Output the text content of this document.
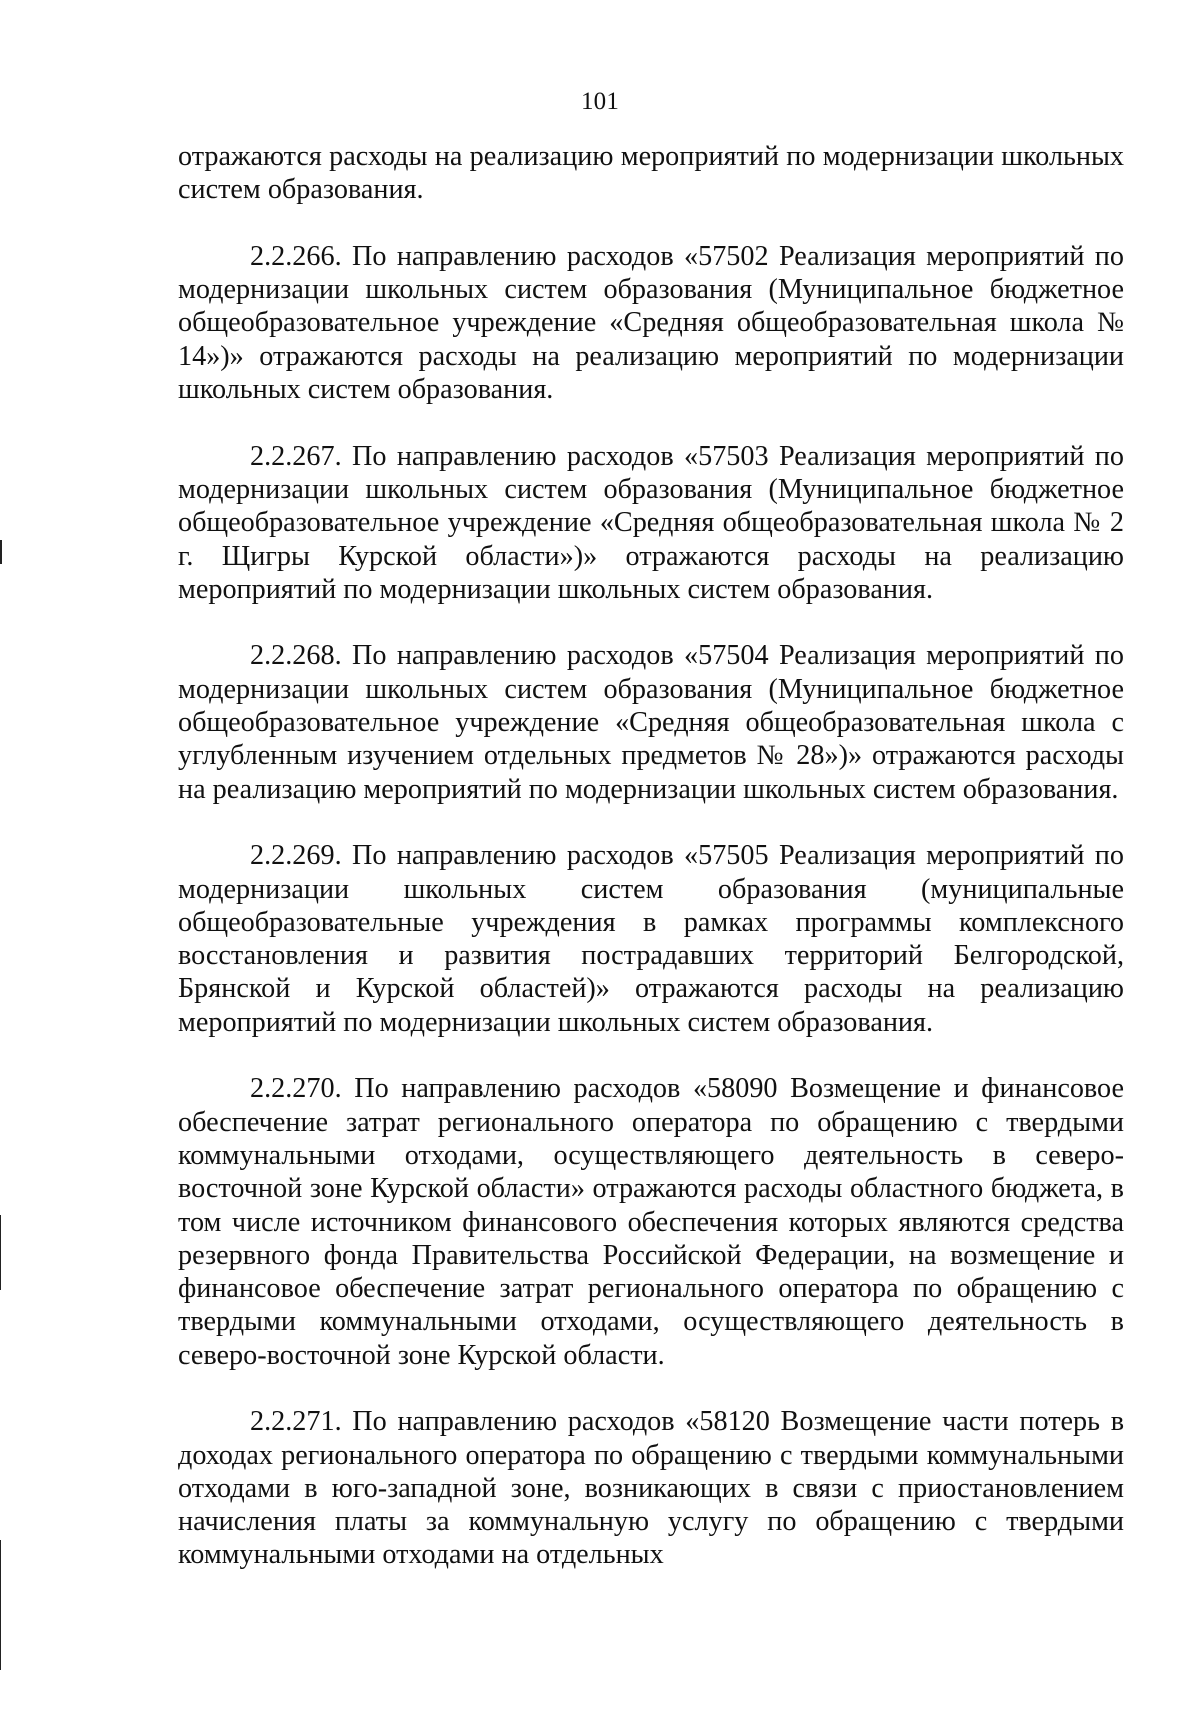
101

отражаются расходы на реализацию мероприятий по модернизации школьных систем образования.

2.2.266. По направлению расходов «57502 Реализация мероприятий по модернизации школьных систем образования (Муниципальное бюджетное общеобразовательное учреждение «Средняя общеобразовательная школа № 14»)» отражаются расходы на реализацию мероприятий по модернизации школьных систем образования.

2.2.267. По направлению расходов «57503 Реализация мероприятий по модернизации школьных систем образования (Муниципальное бюджетное общеобразовательное учреждение «Средняя общеобразовательная школа № 2 г. Щигры Курской области»)» отражаются расходы на реализацию мероприятий по модернизации школьных систем образования.

2.2.268. По направлению расходов «57504 Реализация мероприятий по модернизации школьных систем образования (Муниципальное бюджетное общеобразовательное учреждение «Средняя общеобразовательная школа с углубленным изучением отдельных предметов № 28»)» отражаются расходы на реализацию мероприятий по модернизации школьных систем образования.

2.2.269. По направлению расходов «57505 Реализация мероприятий по модернизации школьных систем образования (муниципальные общеобразовательные учреждения в рамках программы комплексного восстановления и развития пострадавших территорий Белгородской, Брянской и Курской областей)» отражаются расходы на реализацию мероприятий по модернизации школьных систем образования.

2.2.270. По направлению расходов «58090 Возмещение и финансовое обеспечение затрат регионального оператора по обращению с твердыми коммунальными отходами, осуществляющего деятельность в северо-восточной зоне Курской области» отражаются расходы областного бюджета, в том числе источником финансового обеспечения которых являются средства резервного фонда Правительства Российской Федерации, на возмещение и финансовое обеспечение затрат регионального оператора по обращению с твердыми коммунальными отходами, осуществляющего деятельность в северо-восточной зоне Курской области.

2.2.271. По направлению расходов «58120 Возмещение части потерь в доходах регионального оператора по обращению с твердыми коммунальными отходами в юго-западной зоне, возникающих в связи с приостановлением начисления платы за коммунальную услугу по обращению с твердыми коммунальными отходами на отдельных
